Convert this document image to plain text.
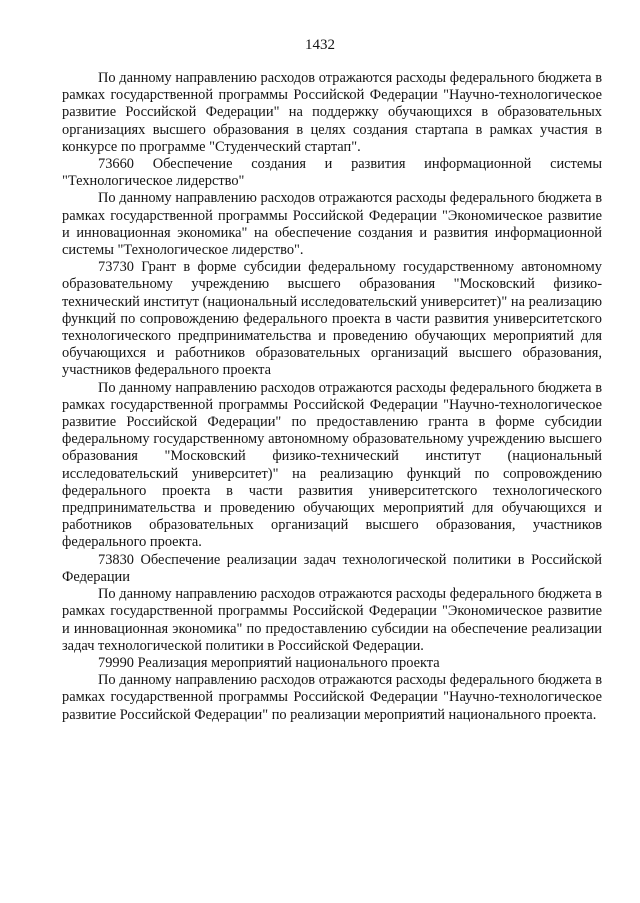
1432

По данному направлению расходов отражаются расходы федерального бюджета в рамках государственной программы Российской Федерации "Научно-технологическое развитие Российской Федерации" на поддержку обучающихся в образовательных организациях высшего образования в целях создания стартапа в рамках участия в конкурсе по программе "Студенческий стартап".

73660 Обеспечение создания и развития информационной системы "Технологическое лидерство"

По данному направлению расходов отражаются расходы федерального бюджета в рамках государственной программы Российской Федерации "Экономическое развитие и инновационная экономика" на обеспечение создания и развития информационной системы "Технологическое лидерство".

73730 Грант в форме субсидии федеральному государственному автономному образовательному учреждению высшего образования "Московский физико-технический институт (национальный исследовательский университет)" на реализацию функций по сопровождению федерального проекта в части развития университетского технологического предпринимательства и проведению обучающих мероприятий для обучающихся и работников образовательных организаций высшего образования, участников федерального проекта

По данному направлению расходов отражаются расходы федерального бюджета в рамках государственной программы Российской Федерации "Научно-технологическое развитие Российской Федерации" по предоставлению гранта в форме субсидии федеральному государственному автономному образовательному учреждению высшего образования "Московский физико-технический институт (национальный исследовательский университет)" на реализацию функций по сопровождению федерального проекта в части развития университетского технологического предпринимательства и проведению обучающих мероприятий для обучающихся и работников образовательных организаций высшего образования, участников федерального проекта.

73830 Обеспечение реализации задач технологической политики в Российской Федерации

По данному направлению расходов отражаются расходы федерального бюджета в рамках государственной программы Российской Федерации "Экономическое развитие и инновационная экономика" по предоставлению субсидии на обеспечение реализации задач технологической политики в Российской Федерации.

79990 Реализация мероприятий национального проекта

По данному направлению расходов отражаются расходы федерального бюджета в рамках государственной программы Российской Федерации "Научно-технологическое развитие Российской Федерации" по реализации мероприятий национального проекта.
